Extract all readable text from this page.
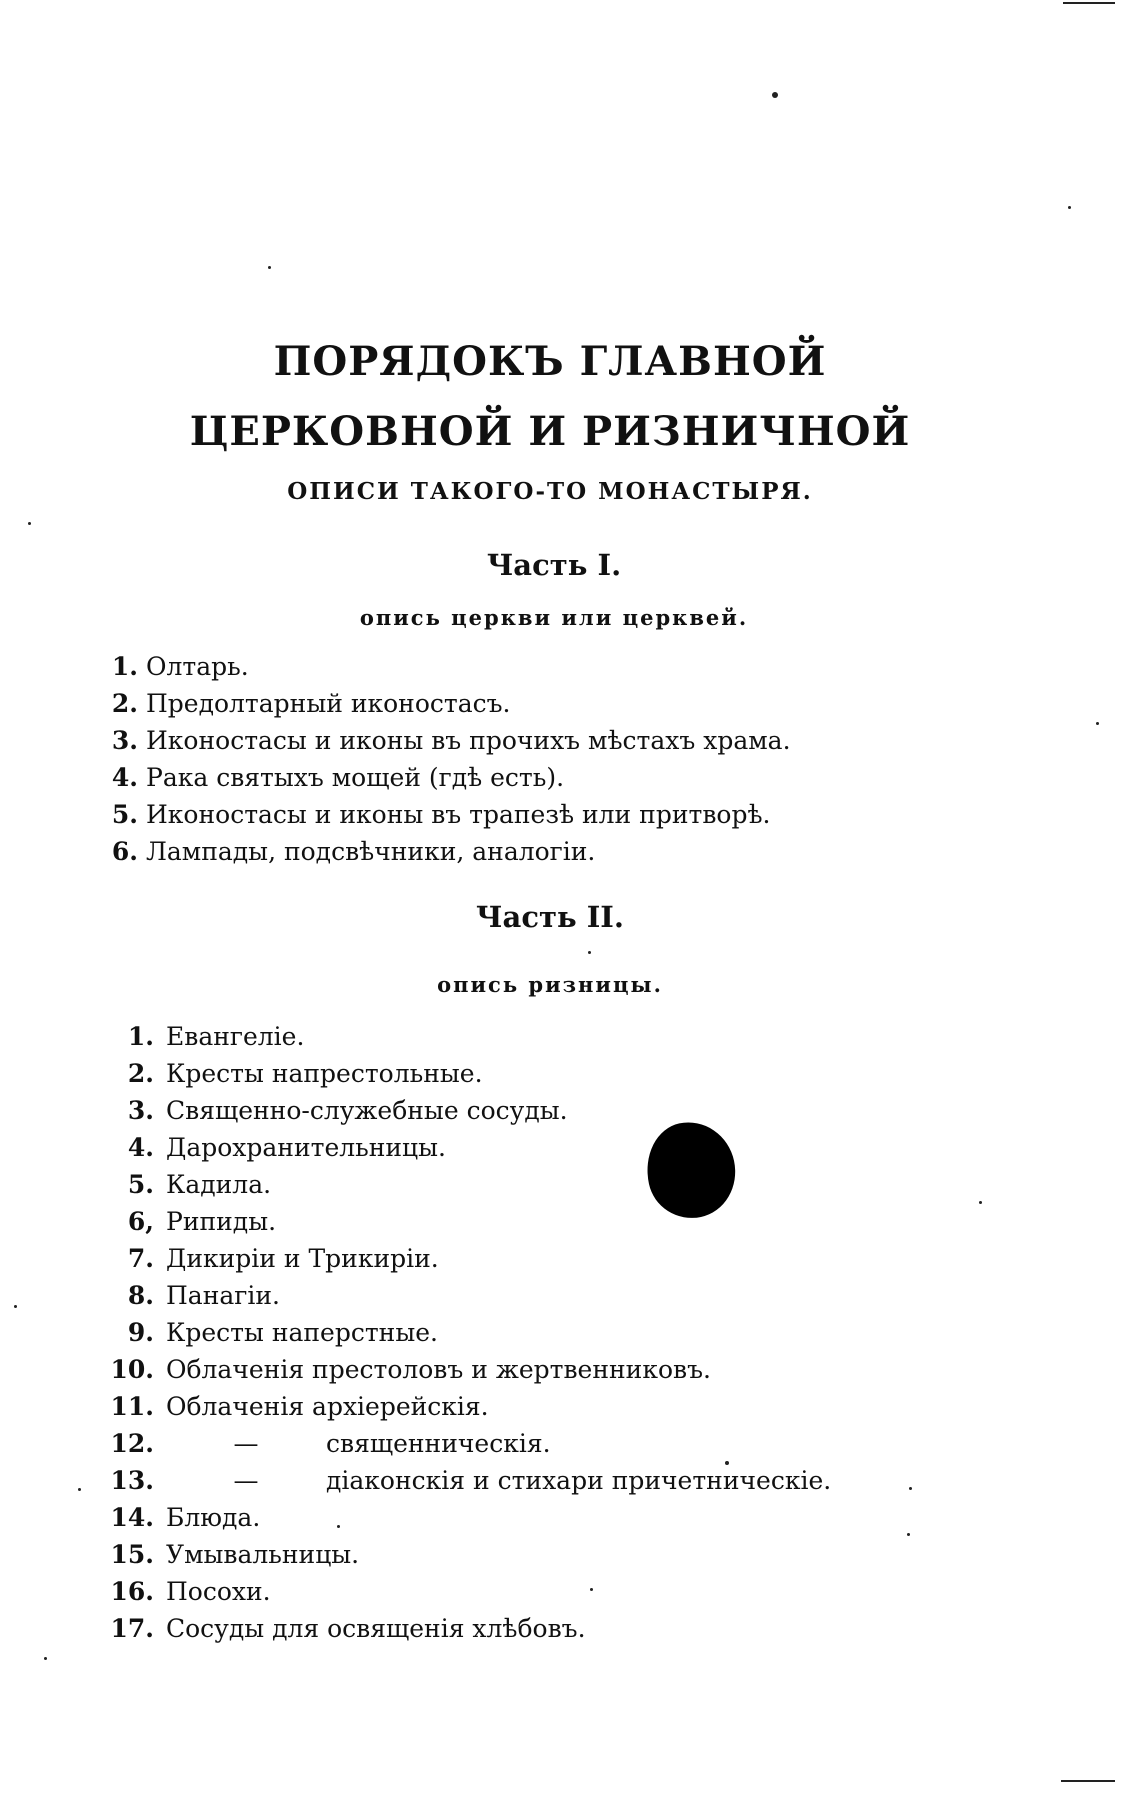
ПОРЯДОКЪ ГЛАВНОЙ
ЦЕРКОВНОЙ И РИЗНИЧНОЙ
ОПИСИ ТАКОГО-ТО МОНАСТЫРЯ.
Часть I.
опись церкви или церквей.
1. Олтарь.
2. Предолтарный иконостасъ.
3. Иконостасы и иконы въ прочихъ мѣстахъ храма.
4. Рака святыхъ мощей (гдѣ есть).
5. Иконостасы и иконы въ трапезѣ или притворѣ.
6. Лампады, подсвѣчники, аналогіи.
Часть II.
опись ризницы.
1. Евангеліе.
2. Кресты напрестольные.
3. Священно-служебные сосуды.
4. Дарохранительницы.
5. Кадила.
6, Рипиды.
7. Дикиріи и Трикиріи.
8. Панагіи.
9. Кресты наперстные.
10. Облаченія престоловъ и жертвенниковъ.
11. Облаченія архіерейскія.
12.	—	священническія.
13.	—	діаконскія и стихари причетническіе.
14. Блюда.
15. Умывальницы.
16. Посохи.
17. Сосуды для освященія хлѣбовъ.
